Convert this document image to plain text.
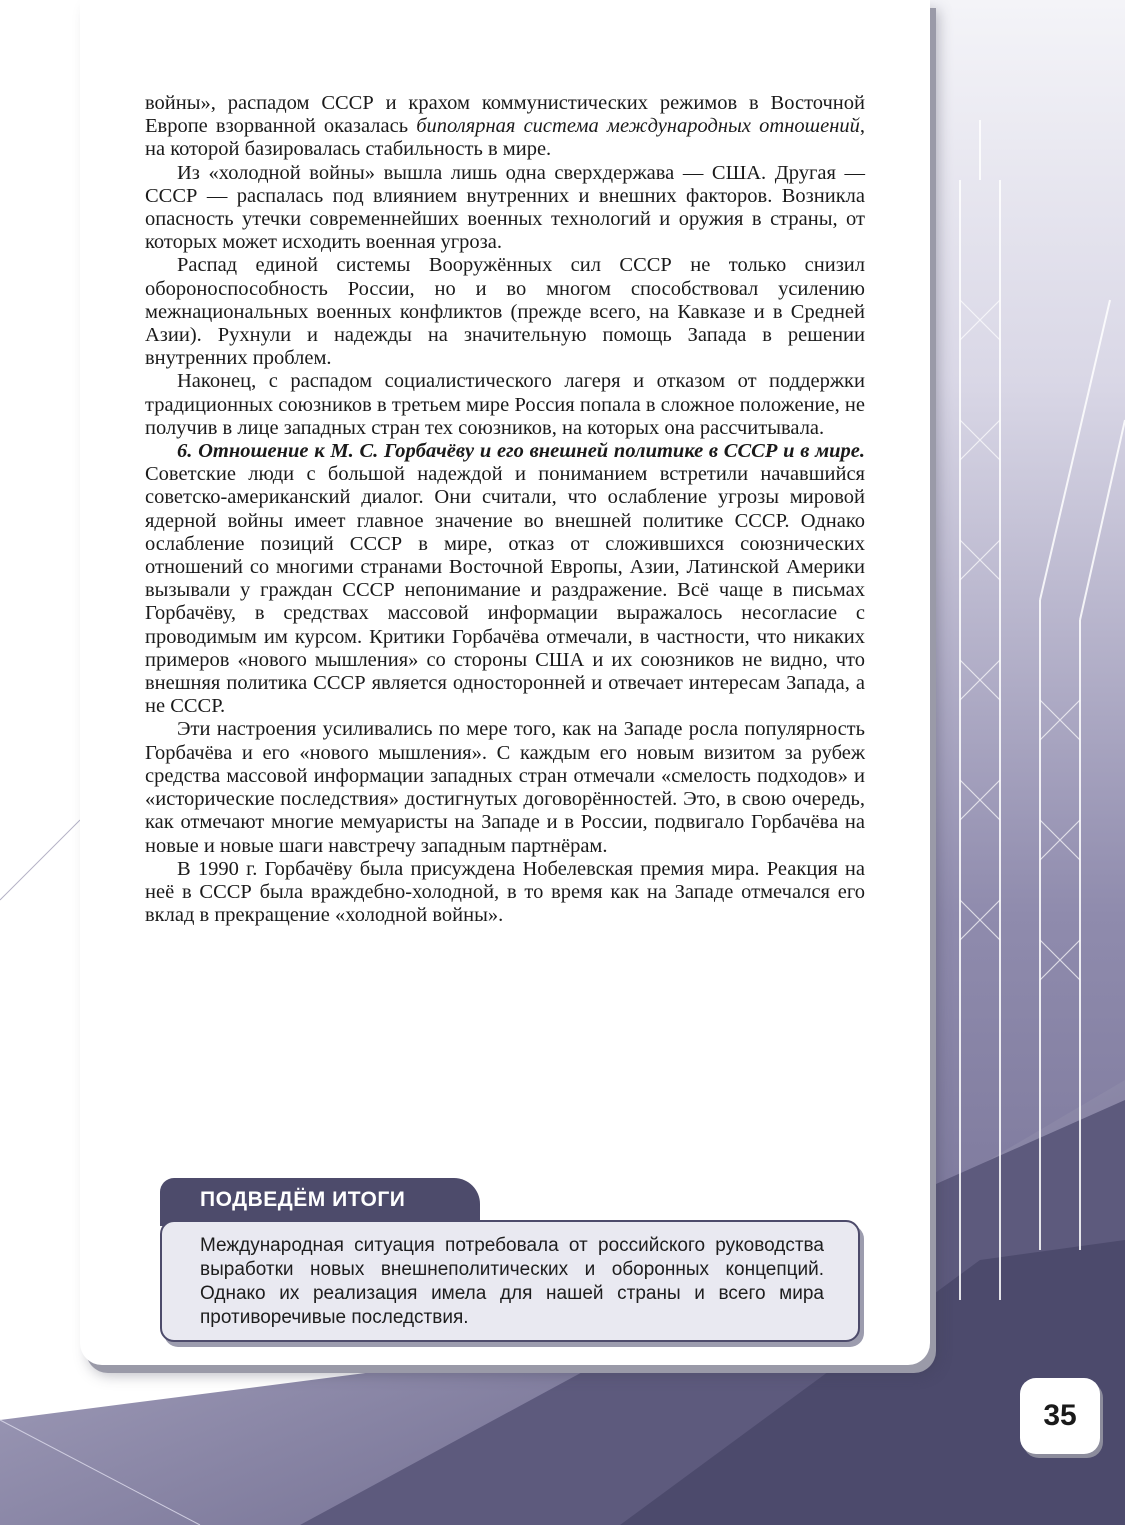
войны», распадом СССР и крахом коммунистических режимов в Восточной Европе взорванной оказалась биполярная система международных отношений, на которой базировалась стабильность в мире.

Из «холодной войны» вышла лишь одна сверхдержава — США. Другая — СССР — распалась под влиянием внутренних и внешних факторов. Возникла опасность утечки современнейших военных технологий и оружия в страны, от которых может исходить военная угроза.

Распад единой системы Вооружённых сил СССР не только снизил обороноспособность России, но и во многом способствовал усилению межнациональных военных конфликтов (прежде всего, на Кавказе и в Средней Азии). Рухнули и надежды на значительную помощь Запада в решении внутренних проблем.

Наконец, с распадом социалистического лагеря и отказом от поддержки традиционных союзников в третьем мире Россия попала в сложное положение, не получив в лице западных стран тех союзников, на которых она рассчитывала.

6. Отношение к М. С. Горбачёву и его внешней политике в СССР и в мире. Советские люди с большой надеждой и пониманием встретили начавшийся советско-американский диалог. Они считали, что ослабление угрозы мировой ядерной войны имеет главное значение во внешней политике СССР. Однако ослабление позиций СССР в мире, отказ от сложившихся союзнических отношений со многими странами Восточной Европы, Азии, Латинской Америки вызывали у граждан СССР непонимание и раздражение. Всё чаще в письмах Горбачёву, в средствах массовой информации выражалось несогласие с проводимым им курсом. Критики Горбачёва отмечали, в частности, что никаких примеров «нового мышления» со стороны США и их союзников не видно, что внешняя политика СССР является односторонней и отвечает интересам Запада, а не СССР.

Эти настроения усиливались по мере того, как на Западе росла популярность Горбачёва и его «нового мышления». С каждым его новым визитом за рубеж средства массовой информации западных стран отмечали «смелость подходов» и «исторические последствия» достигнутых договорённостей. Это, в свою очередь, как отмечают многие мемуаристы на Западе и в России, подвигало Горбачёва на новые и новые шаги навстречу западным партнёрам.

В 1990 г. Горбачёву была присуждена Нобелевская премия мира. Реакция на неё в СССР была враждебно-холодной, в то время как на Западе отмечался его вклад в прекращение «холодной войны».

ПОДВЕДЁМ ИТОГИ

Международная ситуация потребовала от российского руководства выработки новых внешнеполитических и оборонных концепций. Однако их реализация имела для нашей страны и всего мира противоречивые последствия.

35
